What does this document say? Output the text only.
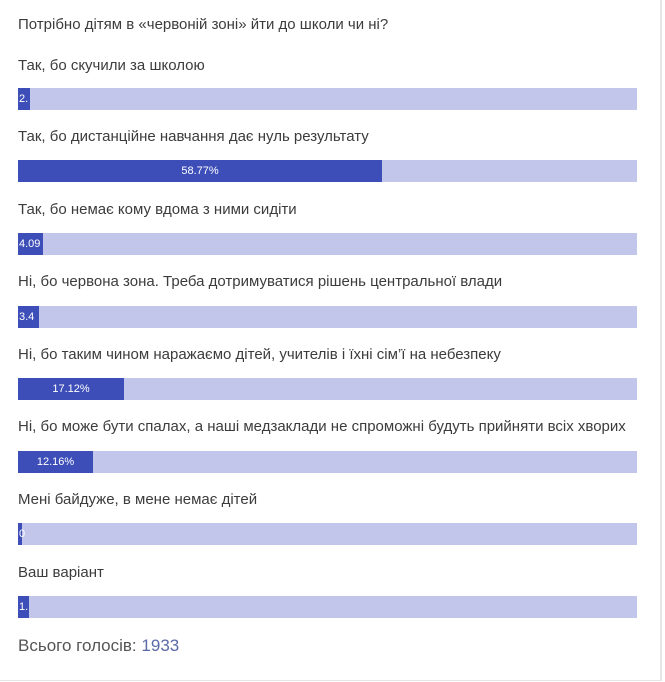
Потрібно дітям в «червоній зоні» йти до школи чи ні?
Так, бо скучили за школою
2.
Так, бо дистанційне навчання дає нуль результату
58.77%
Так, бо немає кому вдома з ними сидіти
4.09
Ні, бо червона зона. Треба дотримуватися рішень центральної влади
3.4
Ні, бо таким чином наражаємо дітей, учителів і їхні сім’ї на небезпеку
17.12%
Ні, бо може бути спалах, а наші медзаклади не спроможні будуть прийняти всіх хворих
12.16%
Мені байдуже, в мене немає дітей
0
Ваш варіант
1.
Всього голосів: 1933
